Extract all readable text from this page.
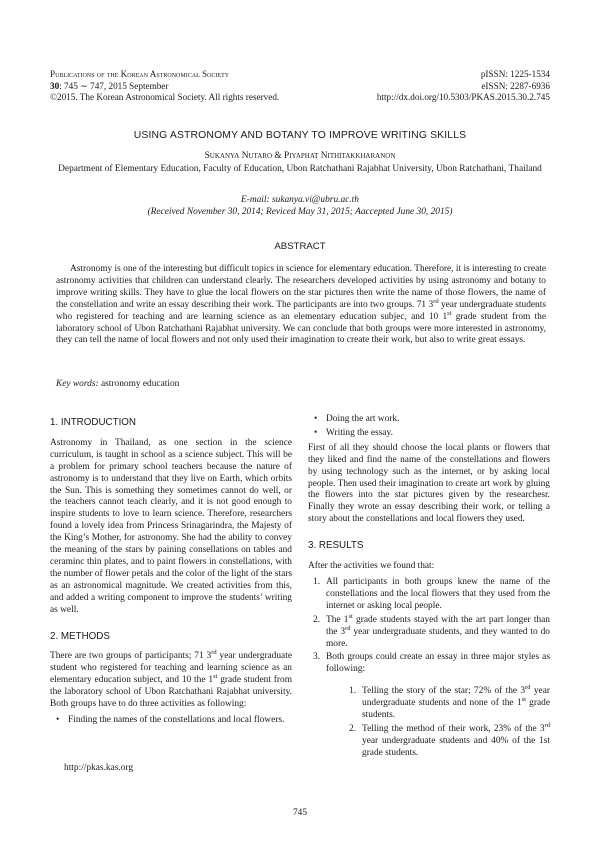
Publications of the Korean Astronomical Society
30: 745 ∼ 747, 2015 September
©2015. The Korean Astronomical Society. All rights reserved.
pISSN: 1225-1534
eISSN: 2287-6936
http://dx.doi.org/10.5303/PKAS.2015.30.2.745
USING ASTRONOMY AND BOTANY TO IMPROVE WRITING SKILLS
Sukanya Nutaro & Piyaphat Nithitakkharanon
Department of Elementary Education, Faculty of Education, Ubon Ratchathani Rajabhat University, Ubon Ratchathani, Thailand
E-mail: sukanya.vi@ubru.ac.th
(Received November 30, 2014; Reviced May 31, 2015; Aaccepted June 30, 2015)
ABSTRACT

Astronomy is one of the interesting but difficult topics in science for elementary education. Therefore, it is interesting to create astronomy activities that children can understand clearly. The researchers developed activities by using astronomy and botany to improve writing skills. They have to glue the local flowers on the star pictures then write the name of those flowers, the name of the constellation and write an essay describing their work. The participants are into two groups. 71 3rd year undergraduate students who registered for teaching and are learning science as an elementary education subjec, and 10 1st grade student from the laboratory school of Ubon Ratchathani Rajabhat university. We can conclude that both groups were more interested in astronomy, they can tell the name of local flowers and not only used their imagination to create their work, but also to write great essays.

Key words: astronomy education
1. INTRODUCTION

Astronomy in Thailand, as one section in the science curriculum, is taught in school as a science subject. This will be a problem for primary school teachers because the nature of astronomy is to understand that they live on Earth, which orbits the Sun. This is something they sometimes cannot do well, or the teachers cannot teach clearly, and it is not good enough to inspire students to love to learn science. Therefore, researchers found a lovely idea from Princess Srinagarindra, the Majesty of the King’s Mother, for astronomy. She had the ability to convey the meaning of the stars by paining consellations on tables and ceraminc thin plates, and to paint flowers in constellations, with the number of flower petals and the color of the light of the stars as an astronomical magnitude. We created activities from this, and added a writing component to improve the students’ writing as well.

2. METHODS

There are two groups of participants; 71 3rd year undergraduate student who registered for teaching and learning science as an elementary education subject, and 10 the 1st grade student from the laboratory school of Ubon Ratchathani Rajabhat university. Both groups have to do three activities as following:

• Finding the names of the constellations and local flowers.
• Doing the art work.
• Writing the essay.

First of all they should choose the local plants or flowers that they liked and find the name of the constellations and flowers by using technology such as the internet, or by asking local people. Then used their imagination to create art work by gluing the flowers into the star pictures given by the researchesr. Finally they wrote an essay describing their work, or telling a story about the constellations and local flowers they used.

3. RESULTS

After the activities we found that:

1. All participants in both groups knew the name of the constellations and the local flowers that they used from the internet or asking local people.
2. The 1st grade students stayed with the art part longer than the 3rd year undergraduate students, and they wanted to do more.
3. Both groups could create an essay in three major styles as following:
1. Telling the story of the star; 72% of the 3rd year undergraduate students and none of the 1st grade students.
2. Telling the method of their work, 23% of the 3rd year undergraduate students and 40% of the 1st grade students.
http://pkas.kas.org
745
